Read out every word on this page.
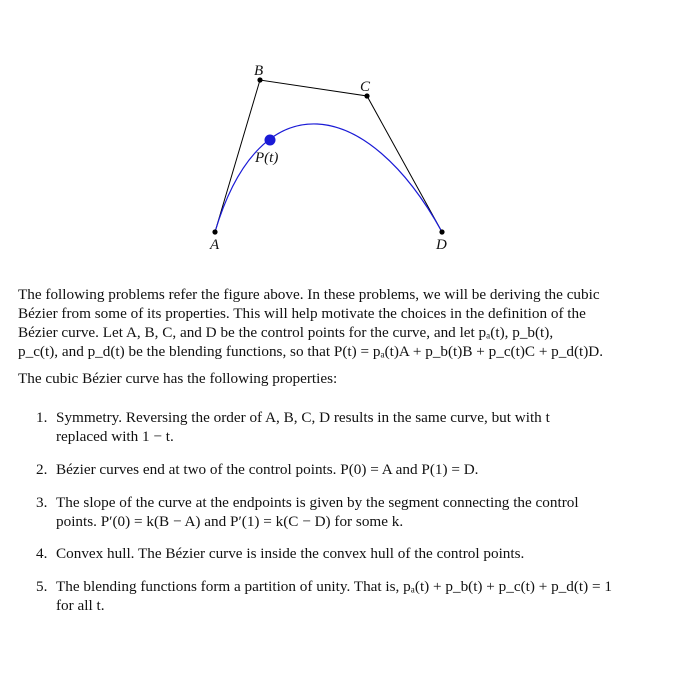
A
B
C
D
P(t)
The following problems refer the figure above. In these problems, we will be deriving the cubic
Bézier from some of its properties. This will help motivate the choices in the definition of the
Bézier curve. Let A, B, C, and D be the control points for the curve, and let pₐ(t), p_b(t),
p_c(t), and p_d(t) be the blending functions, so that P(t) = pₐ(t)A + p_b(t)B + p_c(t)C + p_d(t)D.
The cubic Bézier curve has the following properties:
1. Symmetry. Reversing the order of A, B, C, D results in the same curve, but with t
replaced with 1 − t.
2. Bézier curves end at two of the control points. P(0) = A and P(1) = D.
3. The slope of the curve at the endpoints is given by the segment connecting the control
points. P′(0) = k(B − A) and P′(1) = k(C − D) for some k.
4. Convex hull. The Bézier curve is inside the convex hull of the control points.
5. The blending functions form a partition of unity. That is, pₐ(t) + p_b(t) + p_c(t) + p_d(t) = 1
for all t.
